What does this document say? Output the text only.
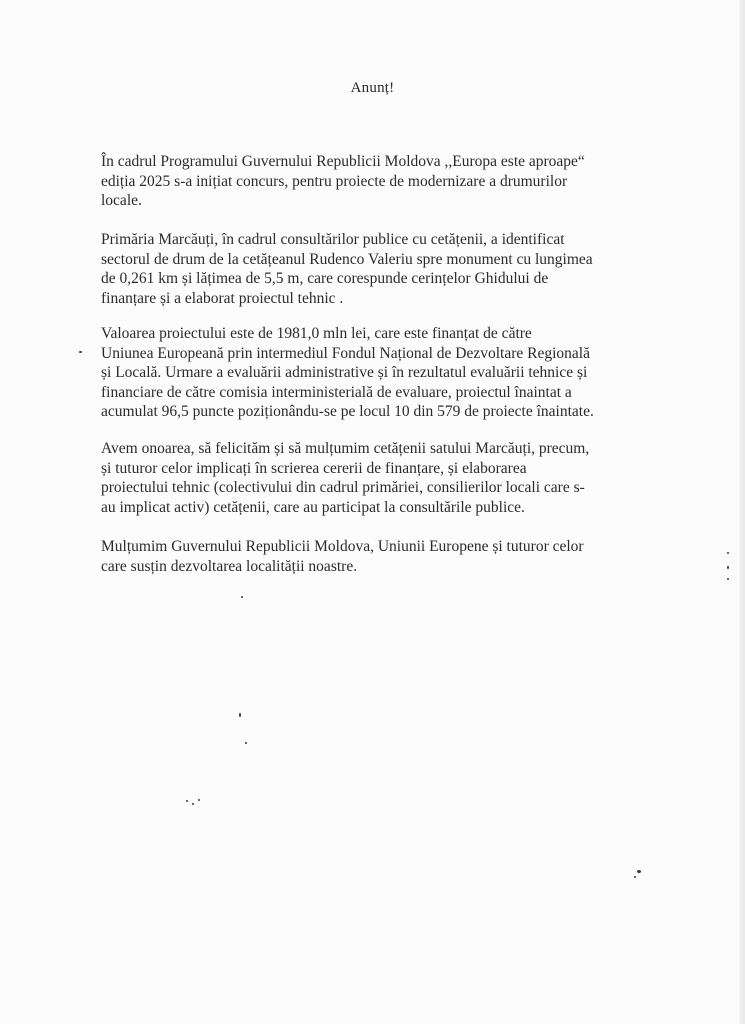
Anunț!

În cadrul Programului Guvernului Republicii Moldova ,,Europa este aproape“
ediția 2025 s-a inițiat concurs, pentru proiecte de modernizare a drumurilor
locale.

Primăria Marcăuți, în cadrul consultărilor publice cu cetățenii, a identificat
sectorul de drum de la cetățeanul Rudenco Valeriu spre monument cu lungimea
de 0,261 km și lățimea de 5,5 m, care corespunde cerințelor Ghidului de
finanțare și a elaborat proiectul tehnic .

Valoarea proiectului este de 1981,0 mln lei, care este finanțat de către
Uniunea Europeană prin intermediul Fondul Național de Dezvoltare Regională
și Locală. Urmare a evaluării administrative și în rezultatul evaluării tehnice și
financiare de către comisia interministerială de evaluare, proiectul înaintat a
acumulat 96,5 puncte poziționându-se pe locul 10 din 579 de proiecte înaintate.

Avem onoarea, să felicităm și să mulțumim cetățenii satului Marcăuți, precum,
și tuturor celor implicați în scrierea cererii de finanțare, și elaborarea
proiectului tehnic (colectivului din cadrul primăriei, consilierilor locali care s-
au implicat activ) cetățenii, care au participat la consultările publice.

Mulțumim Guvernului Republicii Moldova, Uniunii Europene și tuturor celor
care susțin dezvoltarea localității noastre.
